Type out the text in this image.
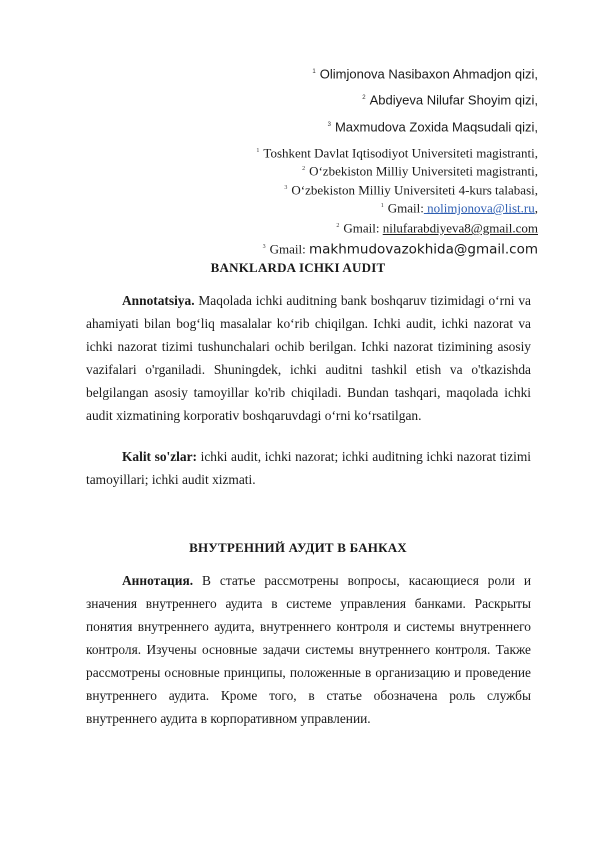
$^1$ Olimjonova Nasibaxon Ahmadjon qizi,
$^2$ Abdiyeva Nilufar Shoyim qizi,
$^3$ Maxmudova Zoxida Maqsudali qizi,
$^1$ Toshkent Davlat Iqtisodiyot Universiteti magistranti,
$^2$ O‘zbekiston Milliy Universiteti magistranti,
$^3$ O‘zbekiston Milliy Universiteti 4-kurs talabasi,
$^1$ Gmail: nolimjonova@list.ru,
$^2$ Gmail: nilufarabdiyeva8@gmail.com
$^3$ Gmail: makhmudovazokhida@gmail.com
BANKLARDA ICHKI AUDIT
Annotatsiya. Maqolada ichki auditning bank boshqaruv tizimidagi o‘rni va ahamiyati bilan bog‘liq masalalar ko‘rib chiqilgan. Ichki audit, ichki nazorat va ichki nazorat tizimi tushunchalari ochib berilgan. Ichki nazorat tizimining asosiy vazifalari o'rganiladi. Shuningdek, ichki auditni tashkil etish va o'tkazishda belgilangan asosiy tamoyillar ko'rib chiqiladi. Bundan tashqari, maqolada ichki audit xizmatining korporativ boshqaruvdagi o‘rni ko‘rsatilgan.
Kalit so'zlar: ichki audit, ichki nazorat; ichki auditning ichki nazorat tizimi tamoyillari; ichki audit xizmati.
ВНУТРЕННИЙ АУДИТ В БАНКАХ
Аннотация. В статье рассмотрены вопросы, касающиеся роли и значения внутреннего аудита в системе управления банками. Раскрыты понятия внутреннего аудита, внутреннего контроля и системы внутреннего контроля. Изучены основные задачи системы внутреннего контроля. Также рассмотрены основные принципы, положенные в организацию и проведение внутреннего аудита. Кроме того, в статье обозначена роль службы внутреннего аудита в корпоративном управлении.
